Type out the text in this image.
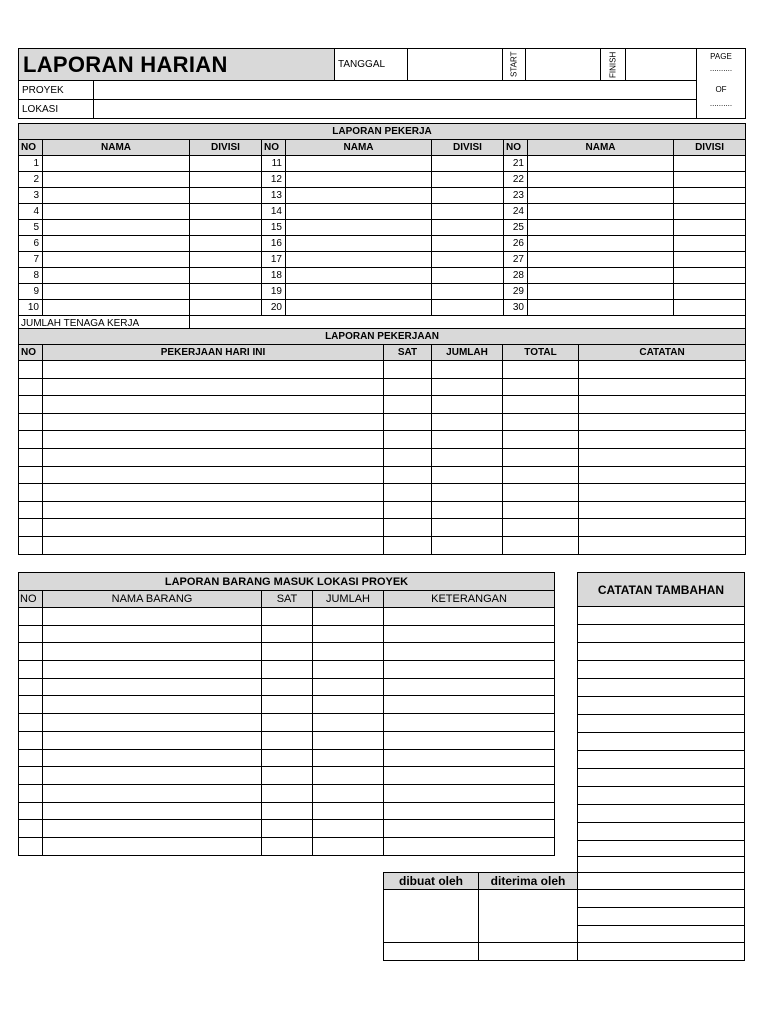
LAPORAN HARIAN	TANGGAL	START	FINISH	PAGE
..........
OF
..........
PROYEK
LOKASI
LAPORAN PEKERJA								
NO	NAMA	DIVISI	NO	NAMA	DIVISI	NO	NAMA	DIVISI
1			11			21		
2			12			22		
3			13			23		
4			14			24		
5			15			25		
6			16			26		
7			17			27		
8			18			28		
9			19			29		
10			20			30		
JUMLAH TENAGA KERJA								
LAPORAN PEKERJAAN					
NO	PEKERJAAN HARI INI	SAT	JUMLAH	TOTAL	CATATAN

LAPORAN BARANG MASUK LOKASI PROYEK				
NO	NAMA BARANG	SAT	JUMLAH	KETERANGAN

CATATAN TAMBAHAN
dibuat oleh	diterima oleh
